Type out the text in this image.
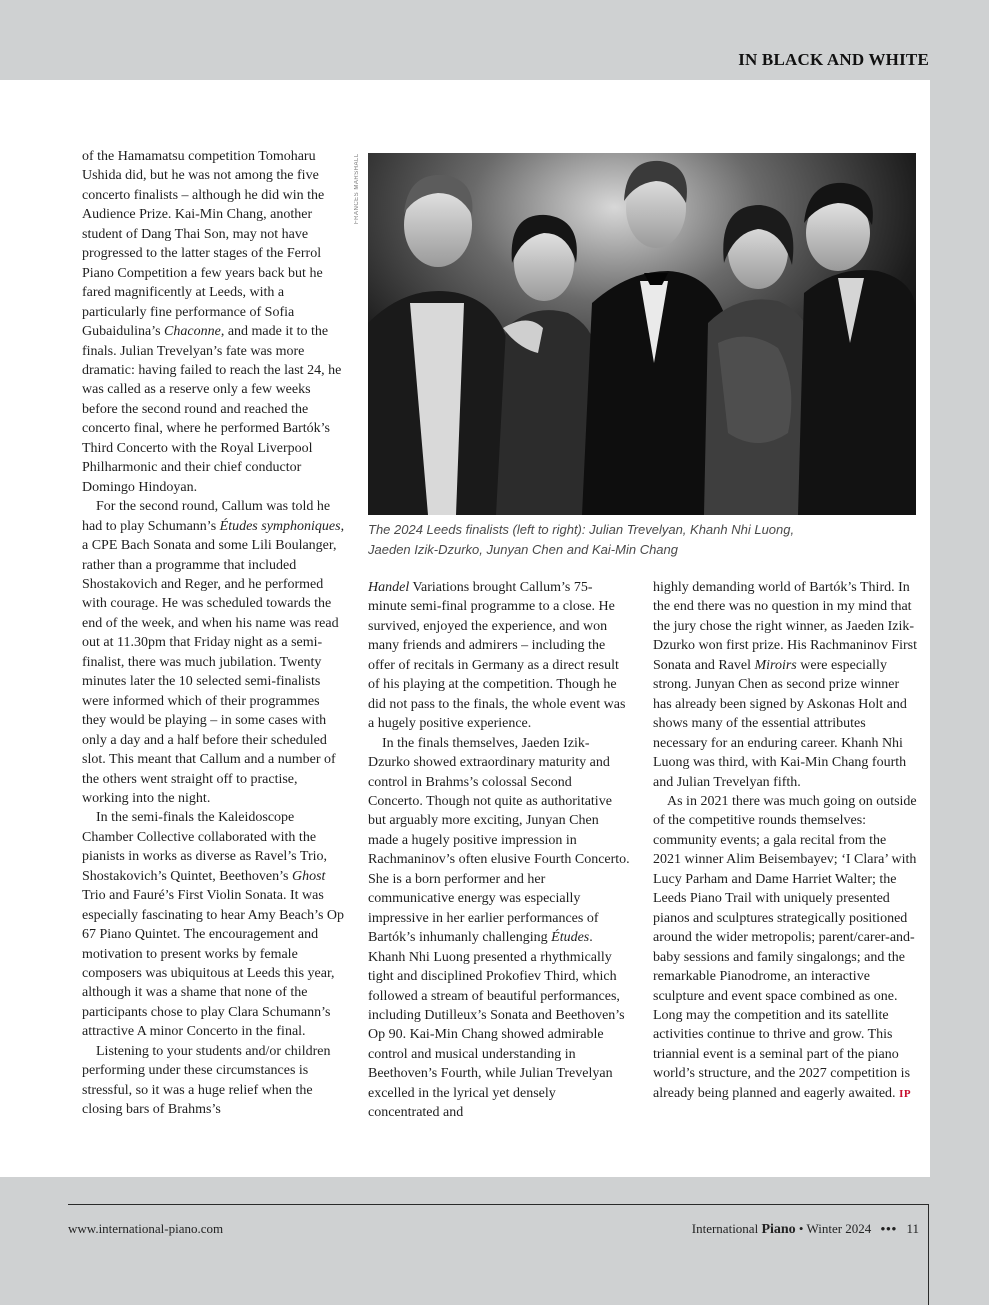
IN BLACK AND WHITE

of the Hamamatsu competition Tomoharu Ushida did, but he was not among the five concerto finalists – although he did win the Audience Prize. Kai-Min Chang, another student of Dang Thai Son, may not have progressed to the latter stages of the Ferrol Piano Competition a few years back but he fared magnificently at Leeds, with a particularly fine performance of Sofia Gubaidulina’s Chaconne, and made it to the finals. Julian Trevelyan’s fate was more dramatic: having failed to reach the last 24, he was called as a reserve only a few weeks before the second round and reached the concerto final, where he performed Bartók’s Third Concerto with the Royal Liverpool Philharmonic and their chief conductor Domingo Hindoyan.

For the second round, Callum was told he had to play Schumann’s Études symphoniques, a CPE Bach Sonata and some Lili Boulanger, rather than a programme that included Shostakovich and Reger, and he performed with courage. He was scheduled towards the end of the week, and when his name was read out at 11.30pm that Friday night as a semi-finalist, there was much jubilation. Twenty minutes later the 10 selected semi-finalists were informed which of their programmes they would be playing – in some cases with only a day and a half before their scheduled slot. This meant that Callum and a number of the others went straight off to practise, working into the night.

In the semi-finals the Kaleidoscope Chamber Collective collaborated with the pianists in works as diverse as Ravel’s Trio, Shostakovich’s Quintet, Beethoven’s Ghost Trio and Fauré’s First Violin Sonata. It was especially fascinating to hear Amy Beach’s Op 67 Piano Quintet. The encouragement and motivation to present works by female composers was ubiquitous at Leeds this year, although it was a shame that none of the participants chose to play Clara Schumann’s attractive A minor Concerto in the final.

Listening to your students and/or children performing under these circumstances is stressful, so it was a huge relief when the closing bars of Brahms’s

FRANCES MARSHALL
The 2024 Leeds finalists (left to right): Julian Trevelyan, Khanh Nhi Luong,
Jaeden Izik-Dzurko, Junyan Chen and Kai-Min Chang

Handel Variations brought Callum’s 75-minute semi-final programme to a close. He survived, enjoyed the experience, and won many friends and admirers – including the offer of recitals in Germany as a direct result of his playing at the competition. Though he did not pass to the finals, the whole event was a hugely positive experience.

In the finals themselves, Jaeden Izik-Dzurko showed extraordinary maturity and control in Brahms’s colossal Second Concerto. Though not quite as authoritative but arguably more exciting, Junyan Chen made a hugely positive impression in Rachmaninov’s often elusive Fourth Concerto. She is a born performer and her communicative energy was especially impressive in her earlier performances of Bartók’s inhumanly challenging Études. Khanh Nhi Luong presented a rhythmically tight and disciplined Prokofiev Third, which followed a stream of beautiful performances, including Dutilleux’s Sonata and Beethoven’s Op 90. Kai-Min Chang showed admirable control and musical understanding in Beethoven’s Fourth, while Julian Trevelyan excelled in the lyrical yet densely concentrated and

highly demanding world of Bartók’s Third. In the end there was no question in my mind that the jury chose the right winner, as Jaeden Izik-Dzurko won first prize. His Rachmaninov First Sonata and Ravel Miroirs were especially strong. Junyan Chen as second prize winner has already been signed by Askonas Holt and shows many of the essential attributes necessary for an enduring career. Khanh Nhi Luong was third, with Kai-Min Chang fourth and Julian Trevelyan fifth.

As in 2021 there was much going on outside of the competitive rounds themselves: community events; a gala recital from the 2021 winner Alim Beisembayev; ‘I Clara’ with Lucy Parham and Dame Harriet Walter; the Leeds Piano Trail with uniquely presented pianos and sculptures strategically positioned around the wider metropolis; parent/carer-and-baby sessions and family singalongs; and the remarkable Pianodrome, an interactive sculpture and event space combined as one. Long may the competition and its satellite activities continue to thrive and grow. This triannial event is a seminal part of the piano world’s structure, and the 2027 competition is already being planned and eagerly awaited. IP

www.international-piano.com	International Piano • Winter 2024 ••• 11
